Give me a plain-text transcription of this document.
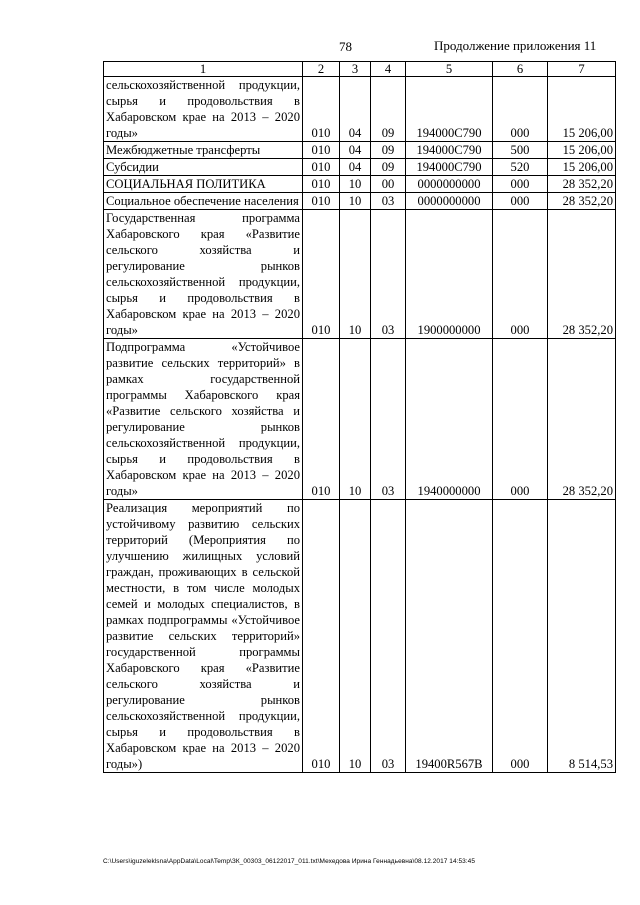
78	Продолжение приложения 11
1	2	3	4	5	6	7
сельскохозяйственной продукции, сырья и продовольствия в Хабаровском крае на 2013 – 2020 годы»	010	04	09	194000С790	000	15 206,00
Межбюджетные трансферты	010	04	09	194000С790	500	15 206,00
Субсидии	010	04	09	194000С790	520	15 206,00
СОЦИАЛЬНАЯ ПОЛИТИКА	010	10	00	0000000000	000	28 352,20
Социальное обеспечение населения	010	10	03	0000000000	000	28 352,20
Государственная программа Хабаровского края «Развитие сельского хозяйства и регулирование рынков сельскохозяйственной продукции, сырья и продовольствия в Хабаровском крае на 2013 – 2020 годы»	010	10	03	1900000000	000	28 352,20
Подпрограмма «Устойчивое развитие сельских территорий» в рамках государственной программы Хабаровского края «Развитие сельского хозяйства и регулирование рынков сельскохозяйственной продукции, сырья и продовольствия в Хабаровском крае на 2013 – 2020 годы»	010	10	03	1940000000	000	28 352,20
Реализация мероприятий по устойчивому развитию сельских территорий (Мероприятия по улучшению жилищных условий граждан, проживающих в сельской местности, в том числе молодых семей и молодых специалистов, в рамках подпрограммы «Устойчивое развитие сельских территорий» государственной программы Хабаровского края «Развитие сельского хозяйства и регулирование рынков сельскохозяйственной продукции, сырья и продовольствия в Хабаровском крае на 2013 – 2020 годы»)	010	10	03	19400R567В	000	8 514,53
C:\Users\iguzeleklsna\AppData\Local\Temp\ЗК_00303_06122017_011.txt\Мехедова Ирина Геннадьевна\08.12.2017 14:53:45
